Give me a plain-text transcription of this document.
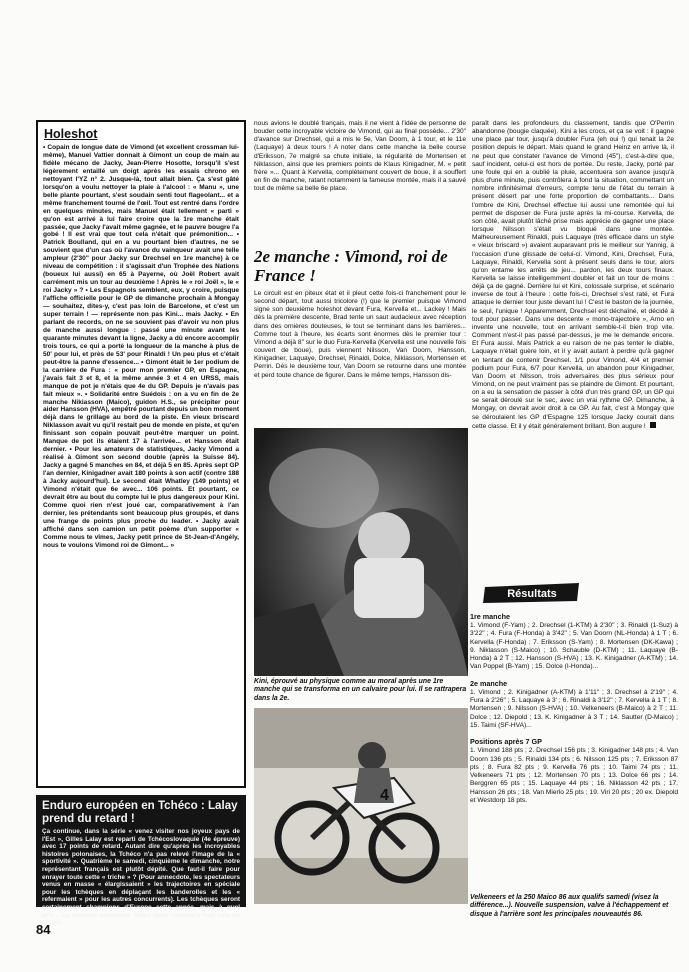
Holeshot
• Copain de longue date de Vimond (et excellent crossman lui-même), Manuel Vattier donnait à Gimont un coup de main au fidèle mécano de Jacky, Jean-Pierre Hosotte, lorsqu'il s'est légèrement entaillé un doigt après les essais chrono en nettoyant l'YZ n° 2. Jusque-là, tout allait bien. Ça s'est gâté lorsqu'on a voulu nettoyer la plaie à l'alcool : « Manu », une belle plante pourtant, s'est soudain senti tout flageolant... et a même franchement tourné de l'œil. Tout est rentré dans l'ordre en quelques minutes, mais Manuel était tellement « parti » qu'on est arrivé à lui faire croire que la 1re manche était passée, que Jacky l'avait même gagnée, et le pauvre bougre l'a gobé ! Il est vrai que tout cela n'était que prémonition... • Patrick Boulland, qui en a vu pourtant bien d'autres, ne se souvient que d'un cas où l'avance du vainqueur avait une telle ampleur (2'30" pour Jacky sur Drechsel en 1re manche) à ce niveau de compétition : il s'agissait d'un Trophée des Nations (boueux lui aussi) en 65 à Payerne, où Joël Robert avait carrément mis un tour au deuxième ! Après le « roi Joël », le « roi Jacky » ? • Les Espagnols semblent, eux, y croire, puisque l'affiche officielle pour le GP de dimanche prochain à Mongay — souhaitez, dites-y, c'est pas loin de Barcelone, et c'est un super terrain ! — représente non pas Kini... mais Jacky. • En parlant de records, on ne se souvient pas d'avoir vu non plus de manche aussi longue : passé une minute avant les quarante minutes devant la ligne, Jacky a dû encore accomplir trois tours, ce qui a porté la longueur de la manche à plus de 50' pour lui, et près de 53' pour Rinaldi ! Un peu plus et c'était peut-être la panne d'essence... • Gimont était le 1er podium de la carrière de Fura : « pour mon premier GP, en Espagne, j'avais fait 3 et 8, et la même année 3 et 4 en URSS, mais manque de pot je n'étais que 4e du GP. Depuis je n'avais pas fait mieux ». • Solidarité entre Suédois : on a vu en fin de 2e manche Nikiasson (Maico), guidon H.S., se précipiter pour aider Hansson (HVA), empêtré pourtant depuis un bon moment déjà dans le grillage au bord de la piste. En vieux briscard Niklasson avait vu qu'il restait peu de monde en piste, et qu'en finissant son copain pouvait peut-être marquer un point. Manque de pot ils étaient 17 à l'arrivée... et Hansson était dernier. • Pour les amateurs de statistiques, Jacky Vimond a réalisé à Gimont son second double (après la Suisse 84). Jacky a gagné 5 manches en 84, et déjà 5 en 85. Après sept GP l'an dernier, Kinigadner avait 180 points à son actif (contre 188 à Jacky aujourd'hui). Le second était Whatley (149 points) et Vimond n'était que 6e avec... 106 points. Et pourtant, ce devrait être au bout du compte lui le plus dangereux pour Kini. Comme quoi rien n'est joué car, comparativement à l'an dernier, les prétendants sont beaucoup plus groupés, et dans une frange de points plus proche du leader. • Jacky avait affiché dans son camion un petit poème d'un supporter « Comme nous te vîmes, Jacky petit prince de St-Jean-d'Angély, nous te voulons Vimond roi de Gimont... »
Enduro européen en Tchéco : Lalay prend du retard !
Ça continue, dans la série « venez visiter nos joyeux pays de l'Est », Gilles Lalay est reparti de Tchécoslovaquie (4e épreuve) avec 17 points de retard. Autant dire qu'après les incroyables histoires polonaises, la Tchéco n'a pas relevé l'image de la « sportivité ». Quatrième le samedi, cinquième le dimanche, notre représentant français est plutôt dépité. Que faut-il faire pour enrayer toute cette « triche » ? (Pour annecdote, les spectateurs venus en masse « élargissaient » les trajectoires en spéciale pour les tchèques en déplaçant les banderolles et les « refermaient » pour les autres concurrents). Les tchèques seront certainement champions d'Europe cette année, mais à quel prix... La semaine prochaine Gilles nous racontera tout cela en détails...
nous avions le doublé français, mais il ne vient à l'idée de personne de bouder cette incroyable victoire de Vimond, qui au final possède... 2'30" d'avance sur Drechsel, qui a mis le 5e, Van Doorn, à 1 tour, et le 11e (Laquaye) à deux tours ! A noter dans cette manche la belle course d'Eriksson, 7e malgré sa chute initiale, la régularité de Mortensen et Niklasson, ainsi que les premiers points de Klaus Kinigadner, M. « petit frère »... Quant à Kervella, complètement couvert de boue, il a souffert en fin de manche, ratant notamment la fameuse montée, mais il a sauvé tout de même sa belle 6e place.
2e manche : Vimond, roi de France !
Le circuit est en piteux état et il pleut cette fois-ci franchement pour le second départ, tout aussi tricolore (!) que le premier puisque Vimond signe son deuxième holeshot devant Fura, Kervella et... Lackey ! Mais dès la première descente, Brad tente un saut audacieux avec réception dans des ornières douteuses, le tout se terminant dans les barrières... Comme tout à l'heure, les écarts sont énormes dès le premier tour : Vimond a déjà 8" sur le duo Fura-Kervella (Kervella est une nouvelle fois couvert de boue), puis viennent Nilsson, Van Doorn, Hansson, Kinigadner, Laquaye, Drechsel, Rinaldi, Dolce, Niklasson, Mortensen et Perrin. Dès le deuxième tour, Van Doorn se retourne dans une montée et perd toute chance de figurer. Dans le même temps, Hansson dis-
Kini, éprouvé au physique comme au moral après une 1re manche qui se transforma en un calvaire pour lui. Il se rattrapera dans la 2e.
4
paraît dans les profondeurs du classement, tandis que O'Perrin abandonne (bougie claquée). Kini a les crocs, et ça se voit : il gagne une place par tour, jusqu'à doubler Fura (eh oui !) qui tenait la 2e position depuis le départ. Mais quand le grand Heinz en arrive là, il ne peut que constater l'avance de Vimond (45"), c'est-à-dire que, sauf incident, celui-ci est hors de portée. Du reste, Jacky, porté par une foule qui en a oublié la pluie, accentuera son avance jusqu'à plus d'une minute, puis contrôlera à fond la situation, commettant un nombre infinitésimal d'erreurs, compte tenu de l'état du terrain à présent désert par une forte proportion de combattants... Dans l'ombre de Kini, Drechsel effectue lui aussi une remontée qui lui permet de disposer de Fura juste après la mi-course. Kervella, de son côté, avait plutôt lâché prise mais apprécie de gagner une place lorsque Nilsson s'était vu bloqué dans une montée. Malheureusement Rinaldi, puis Laquaye (très efficace dans un style « vieux briscard ») avaient auparavant pris le meilleur sur Yannig, à l'occasion d'une glissade de celui-ci. Vimond, Kini, Drechsel, Fura, Laquaye, Rinaldi, Kervella sont à présent seuls dans le tour, alors qu'on entame les arrêts de jeu... pardon, les deux tours finaux. Kervella se laisse intelligemment doubler et fait un tour de moins : déjà ça de gagné. Derrière lui et Kini, colossale surprise, et scénario inverse de tout à l'heure : cette fois-ci, Drechsel s'est raté, et Fura attaque le dernier tour juste devant lui ! C'est le baston de la journée, le seul, l'unique ! Apparemment, Drechsel est déchaîné, et décidé à tout pour passer. Dans une descente « mono-trajectoire », Arno en invente une nouvelle, tout en arrivant semble-t-il bien trop vite. Comment n'est-il pas passé par-dessus, je me le demande encore. Et Fura aussi. Mais Patrick a eu raison de ne pas tenter le diable, Laquaye n'était guère loin, et il y avait autant à perdre qu'à gagner en tentant de contenir Drechsel. 1/1 pour Vimond, 4/4 et premier podium pour Fura, 6/7 pour Kervella, un abandon pour Kinigadner, Van Doorn et Nilsson, trois adversaires des plus sérieux pour Vimond, on ne peut vraiment pas se plaindre de Gimont. Et pourtant, on a eu la sensation de passer à côté d'un très grand GP, un GP qui se serait déroulé sur le sec, avec un vrai rythme GP. Dimanche, à Mongay, on devrait avoir droit à ce GP. Au fait, c'est à Mongay que se déroulaient les GP d'Espagne 125 lorsque Jacky courait dans cette classe. Et il y était généralement brillant. Bon augure !
Résultats
1re manche
1. Vimond (F-Yam) ; 2. Drechsel (1-KTM) à 2'30" ; 3. Rinaldi (1-Suz) à 3'22" ; 4. Fura (F-Honda) à 3'42" ; 5. Van Doorn (NL-Honda) à 1 T ; 6. Kervella (F-Honda) ; 7. Eriksson (S-Yam) ; 8. Mortensen (DK-Kawa) ; 9. Niklasson (S-Maico) ; 10. Schauble (D-KTM) ; 11. Laquaye (B-Honda) à 2 T ; 12. Hansson (S-HVA) ; 13. K. Kinigadner (A-KTM) ; 14. Van Poppel (B-Yam) ; 15. Dolce (I-Honda)...
2e manche
1. Vimond ; 2. Kinigadner (A-KTM) à 1'11" ; 3. Drechsel à 2'19" ; 4. Fura à 2'26" ; 5. Laquaye à 3' ; 6. Rinaldi à 3'12" ; 7. Kervella à 1 T ; 8. Mortensen ; 9. Nilsson (S-HVA) ; 10. Velkeneers (B-Maico) à 2 T ; 11. Dolce ; 12. Diepold ; 13. K. Kinigadner à 3 T ; 14. Sautter (D-Maico) ; 15. Taimi (SF-HVA)...
Positions après 7 GP
1. Vimond 188 pts ; 2. Drechsel 156 pts ; 3. Kinigadner 148 pts ; 4. Van Doorn 136 pts ; 5. Rinaldi 134 pts ; 6. Nilsson 125 pts ; 7. Eriksson 87 pts ; 8. Fura 82 pts ; 9. Kervella 76 pts ; 10. Taimi 74 pts ; 11. Velkeneers 71 pts ; 12. Mortensen 70 pts ; 13. Dolce 66 pts ; 14. Berggren 65 pts ; 15. Laquaye 44 pts ; 16. Niklasson 42 pts ; 17. Hansson 26 pts ; 18. Van Mierlo 25 pts ; 19. Viri 20 pts ; 20 ex. Diepold et Westdorp 18 pts.
Velkeneers et la 250 Maico 86 aux qualifs samedi (visez la différence...). Nouvelle suspension, valve à l'échappement et disque à l'arrière sont les principales nouveautés 86.
84
